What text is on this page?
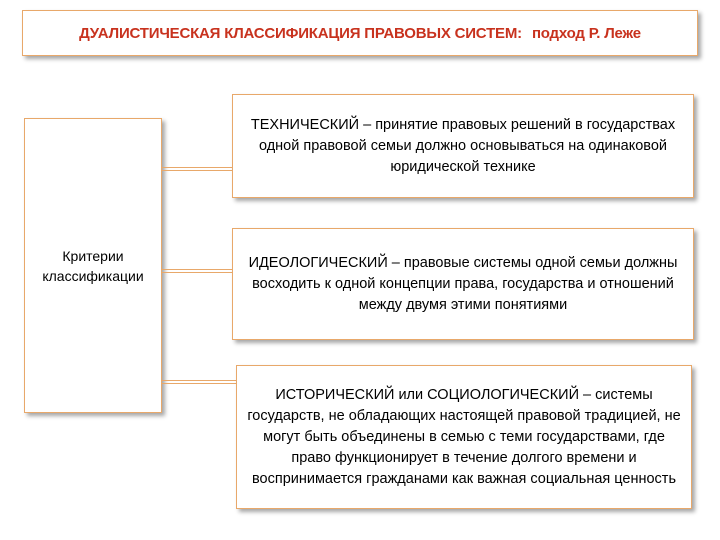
ДУАЛИСТИЧЕСКАЯ КЛАССИФИКАЦИЯ ПРАВОВЫХ СИСТЕМ: подход Р. Леже
Критерии
классификации
ТЕХНИЧЕСКИЙ – принятие правовых решений в государствах одной правовой семьи должно основываться на одинаковой юридической технике
ИДЕОЛОГИЧЕСКИЙ – правовые системы одной семьи должны восходить к одной концепции права, государства и отношений между двумя этими понятиями
ИСТОРИЧЕСКИЙ или СОЦИОЛОГИЧЕСКИЙ – системы государств, не обладающих настоящей правовой традицией, не могут быть объединены в семью с теми государствами, где право функционирует в течение долгого времени и воспринимается гражданами как важная социальная ценность
